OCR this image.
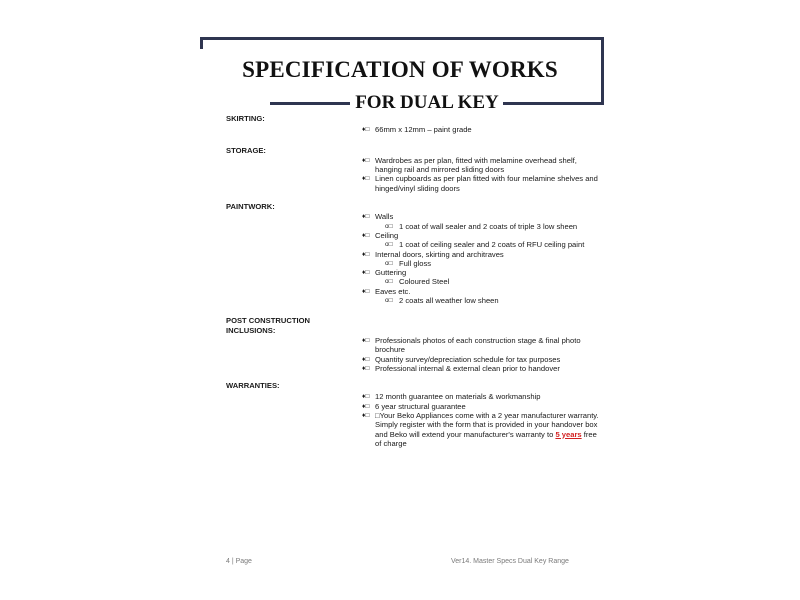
SPECIFICATION OF WORKS
FOR DUAL KEY
SKIRTING:
♦□ 66mm x 12mm – paint grade
STORAGE:
♦□ Wardrobes as per plan, fitted with melamine overhead shelf, hanging rail and mirrored sliding doors
♦□ Linen cupboards as per plan fitted with four melamine shelves and hinged/vinyl sliding doors
PAINTWORK:
♦□ Walls
o□ 1 coat of wall sealer and 2 coats of triple 3 low sheen
♦□ Ceiling
o□ 1 coat of ceiling sealer and 2 coats of RFU ceiling paint
♦□ Internal doors, skirting and architraves
o□ Full gloss
♦□ Guttering
o□ Coloured Steel
♦□ Eaves etc.
o□ 2 coats all weather low sheen
POST CONSTRUCTION
INCLUSIONS:
♦□ Professionals photos of each construction stage & final photo brochure
♦□ Quantity survey/depreciation schedule for tax purposes
♦□ Professional internal & external clean prior to handover
WARRANTIES:
♦□ 12 month guarantee on materials & workmanship
♦□ 6 year structural guarantee
♦□ □Your Beko Appliances come with a 2 year manufacturer warranty. Simply register with the form that is provided in your handover box and Beko will extend your manufacturer's warranty to 5 years free of charge
4 | Page	Ver14. Master Specs Dual Key Range
